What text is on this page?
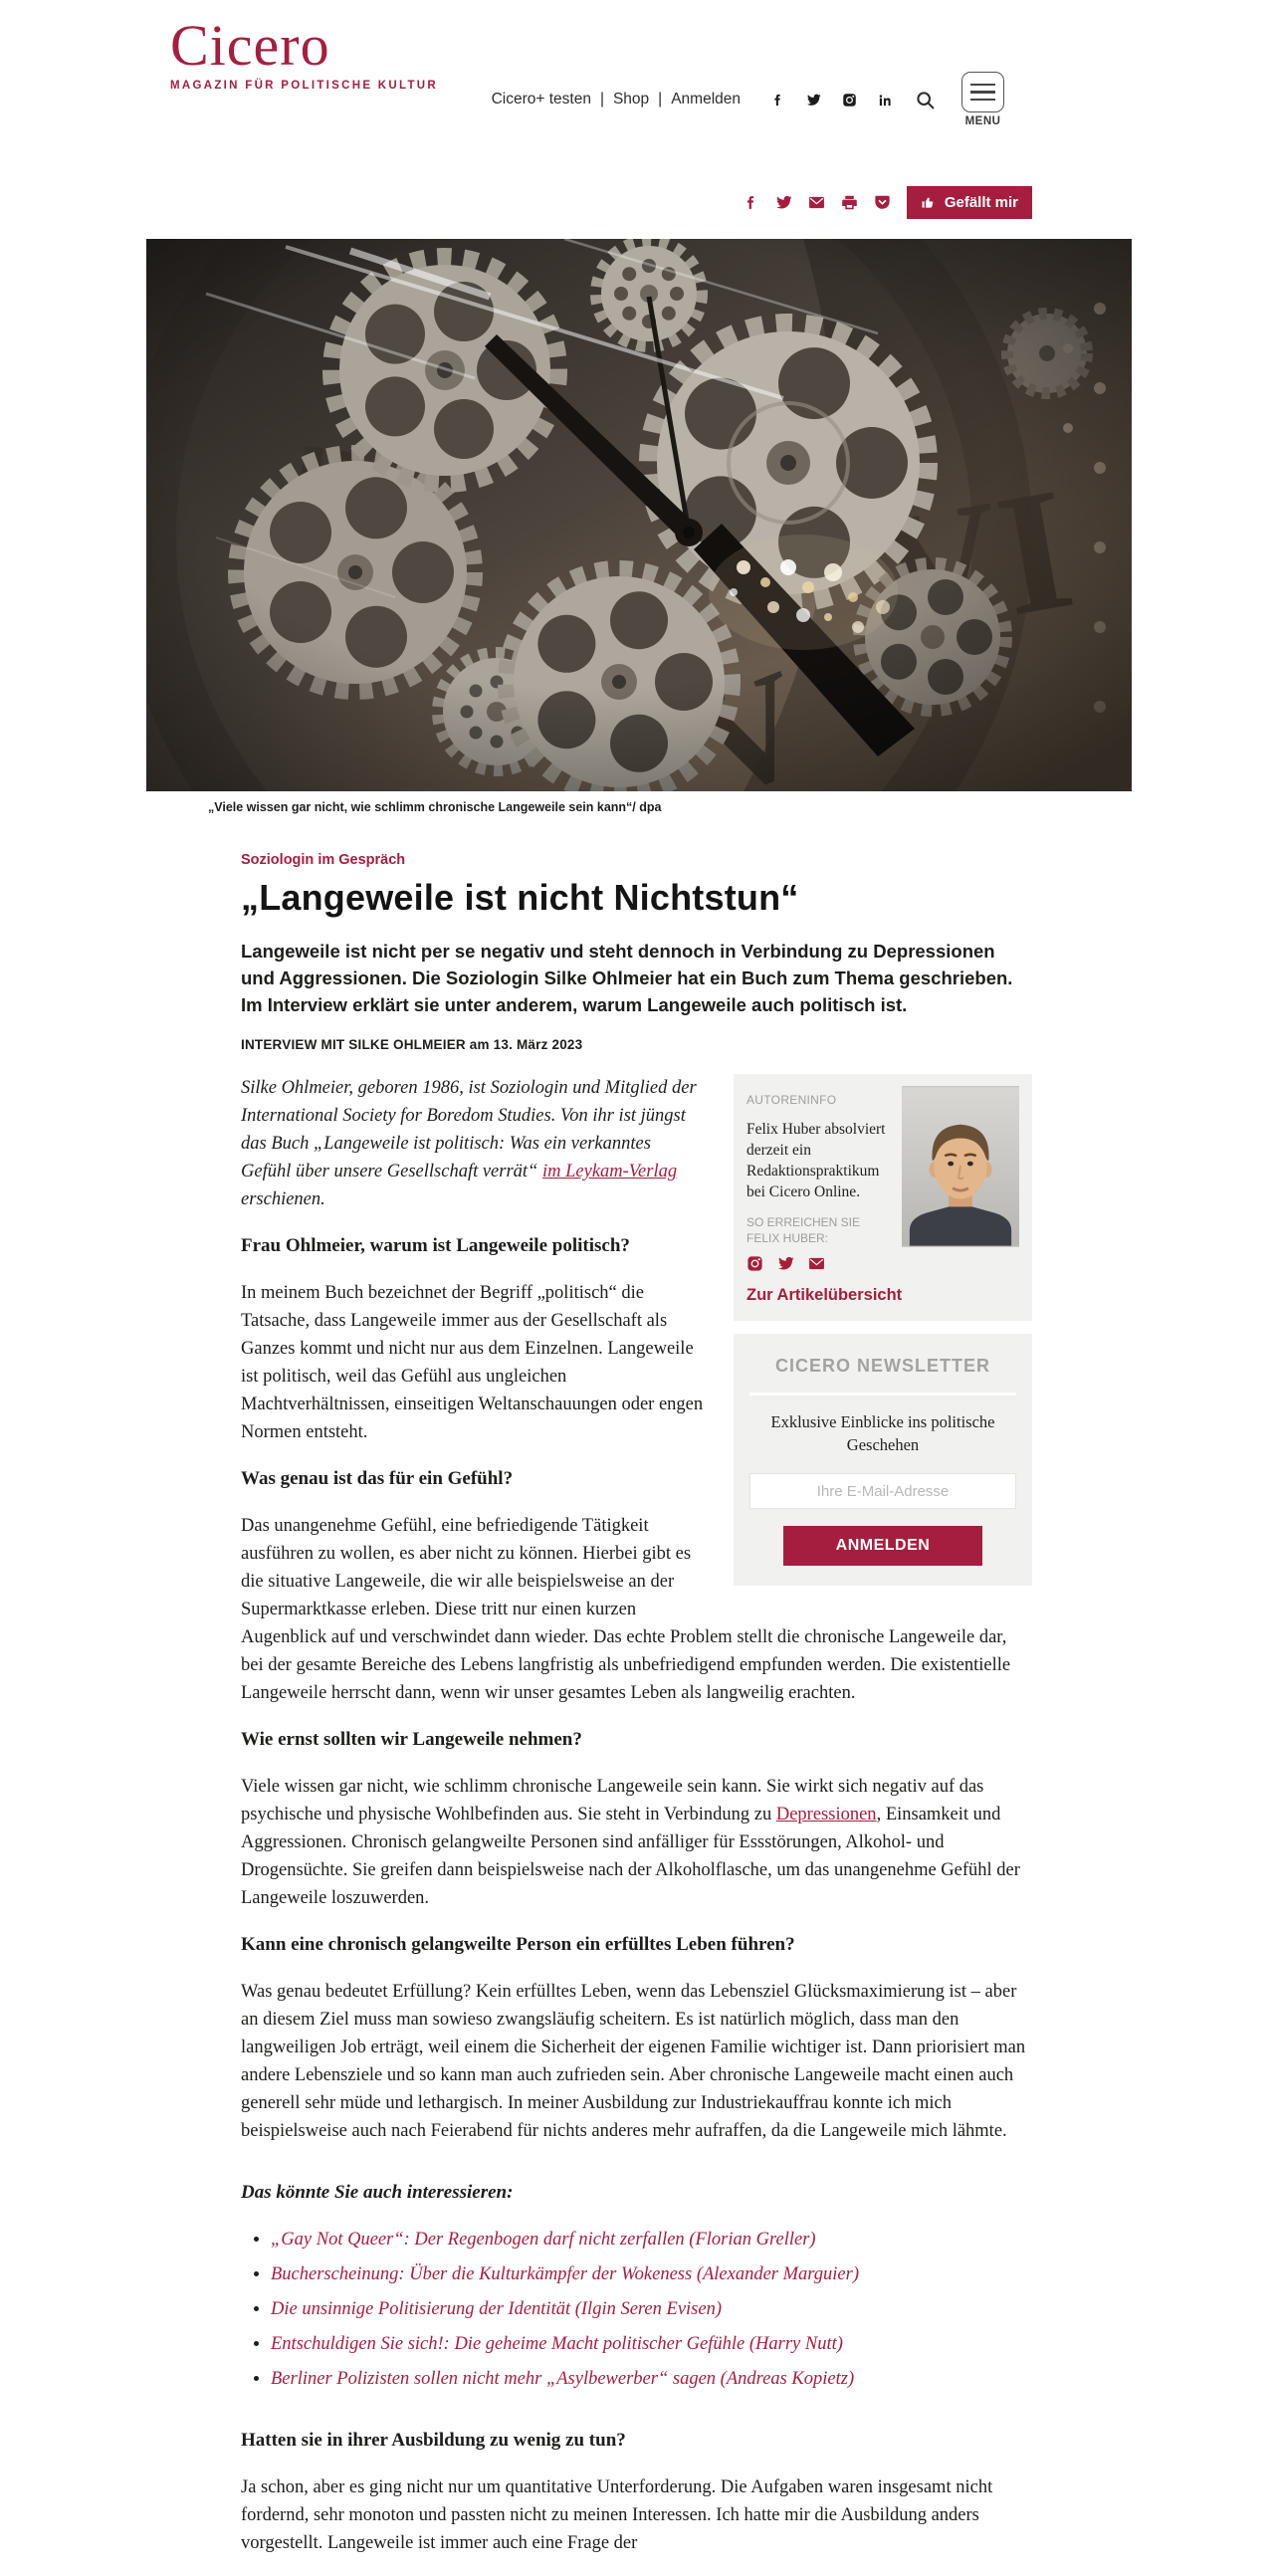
Cicero
MAGAZIN FÜR POLITISCHE KULTUR
Cicero+ testen | Shop | Anmelden
MENU
Gefällt mir
„Viele wissen gar nicht, wie schlimm chronische Langeweile sein kann“/ dpa
Soziologin im Gespräch
„Langeweile ist nicht Nichtstun“

Langeweile ist nicht per se negativ und steht dennoch in Verbindung zu Depressionen und Aggressionen. Die Soziologin Silke Ohlmeier hat ein Buch zum Thema geschrieben. Im Interview erklärt sie unter anderem, warum Langeweile auch politisch ist.

INTERVIEW MIT SILKE OHLMEIER am 13. März 2023
AUTORENINFO
Felix Huber absolviert derzeit ein Redaktionspraktikum bei Cicero Online.
SO ERREICHEN SIE FELIX HUBER:
Zur Artikelübersicht
CICERO NEWSLETTER
Exklusive Einblicke ins politische Geschehen
Ihre E-Mail-Adresse ANMELDEN

Silke Ohlmeier, geboren 1986, ist Soziologin und Mitglied der International Society for Boredom Studies. Von ihr ist jüngst das Buch „Langeweile ist politisch: Was ein verkanntes Gefühl über unsere Gesellschaft verrät“ im Leykam-Verlag erschienen.

Frau Ohlmeier, warum ist Langeweile politisch?

In meinem Buch bezeichnet der Begriff „politisch“ die Tatsache, dass Langeweile immer aus der Gesellschaft als Ganzes kommt und nicht nur aus dem Einzelnen. Langeweile ist politisch, weil das Gefühl aus ungleichen Machtverhältnissen, einseitigen Weltanschauungen oder engen Normen entsteht.

Was genau ist das für ein Gefühl?

Das unangenehme Gefühl, eine befriedigende Tätigkeit ausführen zu wollen, es aber nicht zu können. Hierbei gibt es die situative Langeweile, die wir alle beispielsweise an der Supermarktkasse erleben. Diese tritt nur einen kurzen Augenblick auf und verschwindet dann wieder. Das echte Problem stellt die chronische Langeweile dar, bei der gesamte Bereiche des Lebens langfristig als unbefriedigend empfunden werden. Die existentielle Langeweile herrscht dann, wenn wir unser gesamtes Leben als langweilig erachten.

Wie ernst sollten wir Langeweile nehmen?

Viele wissen gar nicht, wie schlimm chronische Langeweile sein kann. Sie wirkt sich negativ auf das psychische und physische Wohlbefinden aus. Sie steht in Verbindung zu Depressionen, Einsamkeit und Aggressionen. Chronisch gelangweilte Personen sind anfälliger für Essstörungen, Alkohol- und Drogensüchte. Sie greifen dann beispielsweise nach der Alkoholflasche, um das unangenehme Gefühl der Langeweile loszuwerden.

Kann eine chronisch gelangweilte Person ein erfülltes Leben führen?

Was genau bedeutet Erfüllung? Kein erfülltes Leben, wenn das Lebensziel Glücksmaximierung ist – aber an diesem Ziel muss man sowieso zwangsläufig scheitern. Es ist natürlich möglich, dass man den langweiligen Job erträgt, weil einem die Sicherheit der eigenen Familie wichtiger ist. Dann priorisiert man andere Lebensziele und so kann man auch zufrieden sein. Aber chronische Langeweile macht einen auch generell sehr müde und lethargisch. In meiner Ausbildung zur Industriekauffrau konnte ich mich beispielsweise auch nach Feierabend für nichts anderes mehr aufraffen, da die Langeweile mich lähmte.

Das könnte Sie auch interessieren:

• „Gay Not Queer“: Der Regenbogen darf nicht zerfallen (Florian Greller)
• Bucherscheinung: Über die Kulturkämpfer der Wokeness (Alexander Marguier)
• Die unsinnige Politisierung der Identität (Ilgin Seren Evisen)
• Entschuldigen Sie sich!: Die geheime Macht politischer Gefühle (Harry Nutt)
• Berliner Polizisten sollen nicht mehr „Asylbewerber“ sagen (Andreas Kopietz)

Hatten sie in ihrer Ausbildung zu wenig zu tun?

Ja schon, aber es ging nicht nur um quantitative Unterforderung. Die Aufgaben waren insgesamt nicht fordernd, sehr monoton und passten nicht zu meinen Interessen. Ich hatte mir die Ausbildung anders vorgestellt. Langeweile ist immer auch eine Frage der
